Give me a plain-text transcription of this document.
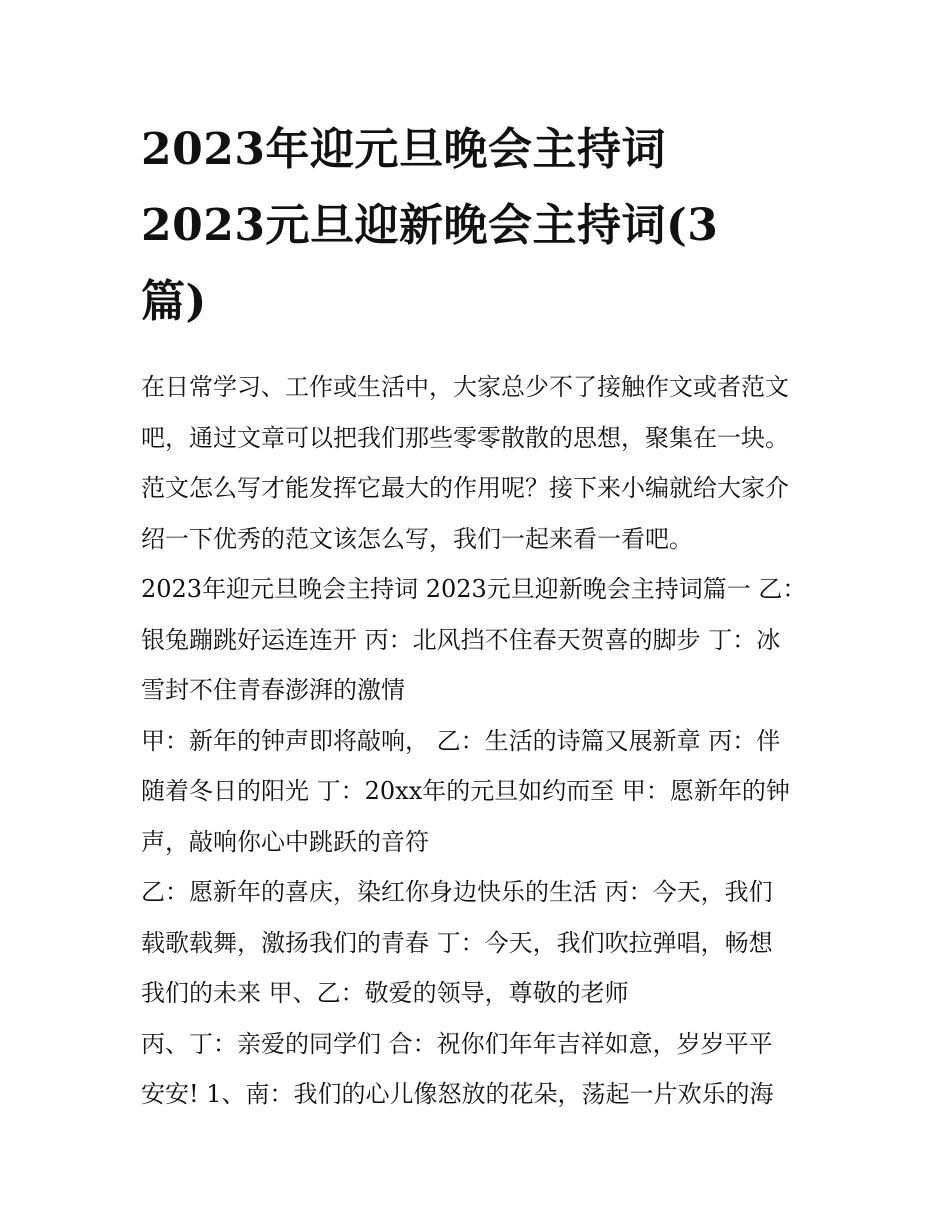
2023年迎元旦晚会主持词
2023元旦迎新晚会主持词(3
篇)

在日常学习、工作或生活中，大家总少不了接触作文或者范文
吧，通过文章可以把我们那些零零散散的思想，聚集在一块。
范文怎么写才能发挥它最大的作用呢？接下来小编就给大家介
绍一下优秀的范文该怎么写，我们一起来看一看吧。

2023年迎元旦晚会主持词 2023元旦迎新晚会主持词篇一 乙：
银兔蹦跳好运连连开 丙：北风挡不住春天贺喜的脚步 丁：冰
雪封不住青春澎湃的激情

甲：新年的钟声即将敲响， 乙：生活的诗篇又展新章 丙：伴
随着冬日的阳光 丁：20xx年的元旦如约而至 甲：愿新年的钟
声，敲响你心中跳跃的音符

乙：愿新年的喜庆，染红你身边快乐的生活 丙：今天，我们
载歌载舞，激扬我们的青春 丁：今天，我们吹拉弹唱，畅想
我们的未来 甲、乙：敬爱的领导，尊敬的老师

丙、丁：亲爱的同学们 合：祝你们年年吉祥如意，岁岁平平
安安! 1、南：我们的心儿像怒放的花朵，荡起一片欢乐的海
